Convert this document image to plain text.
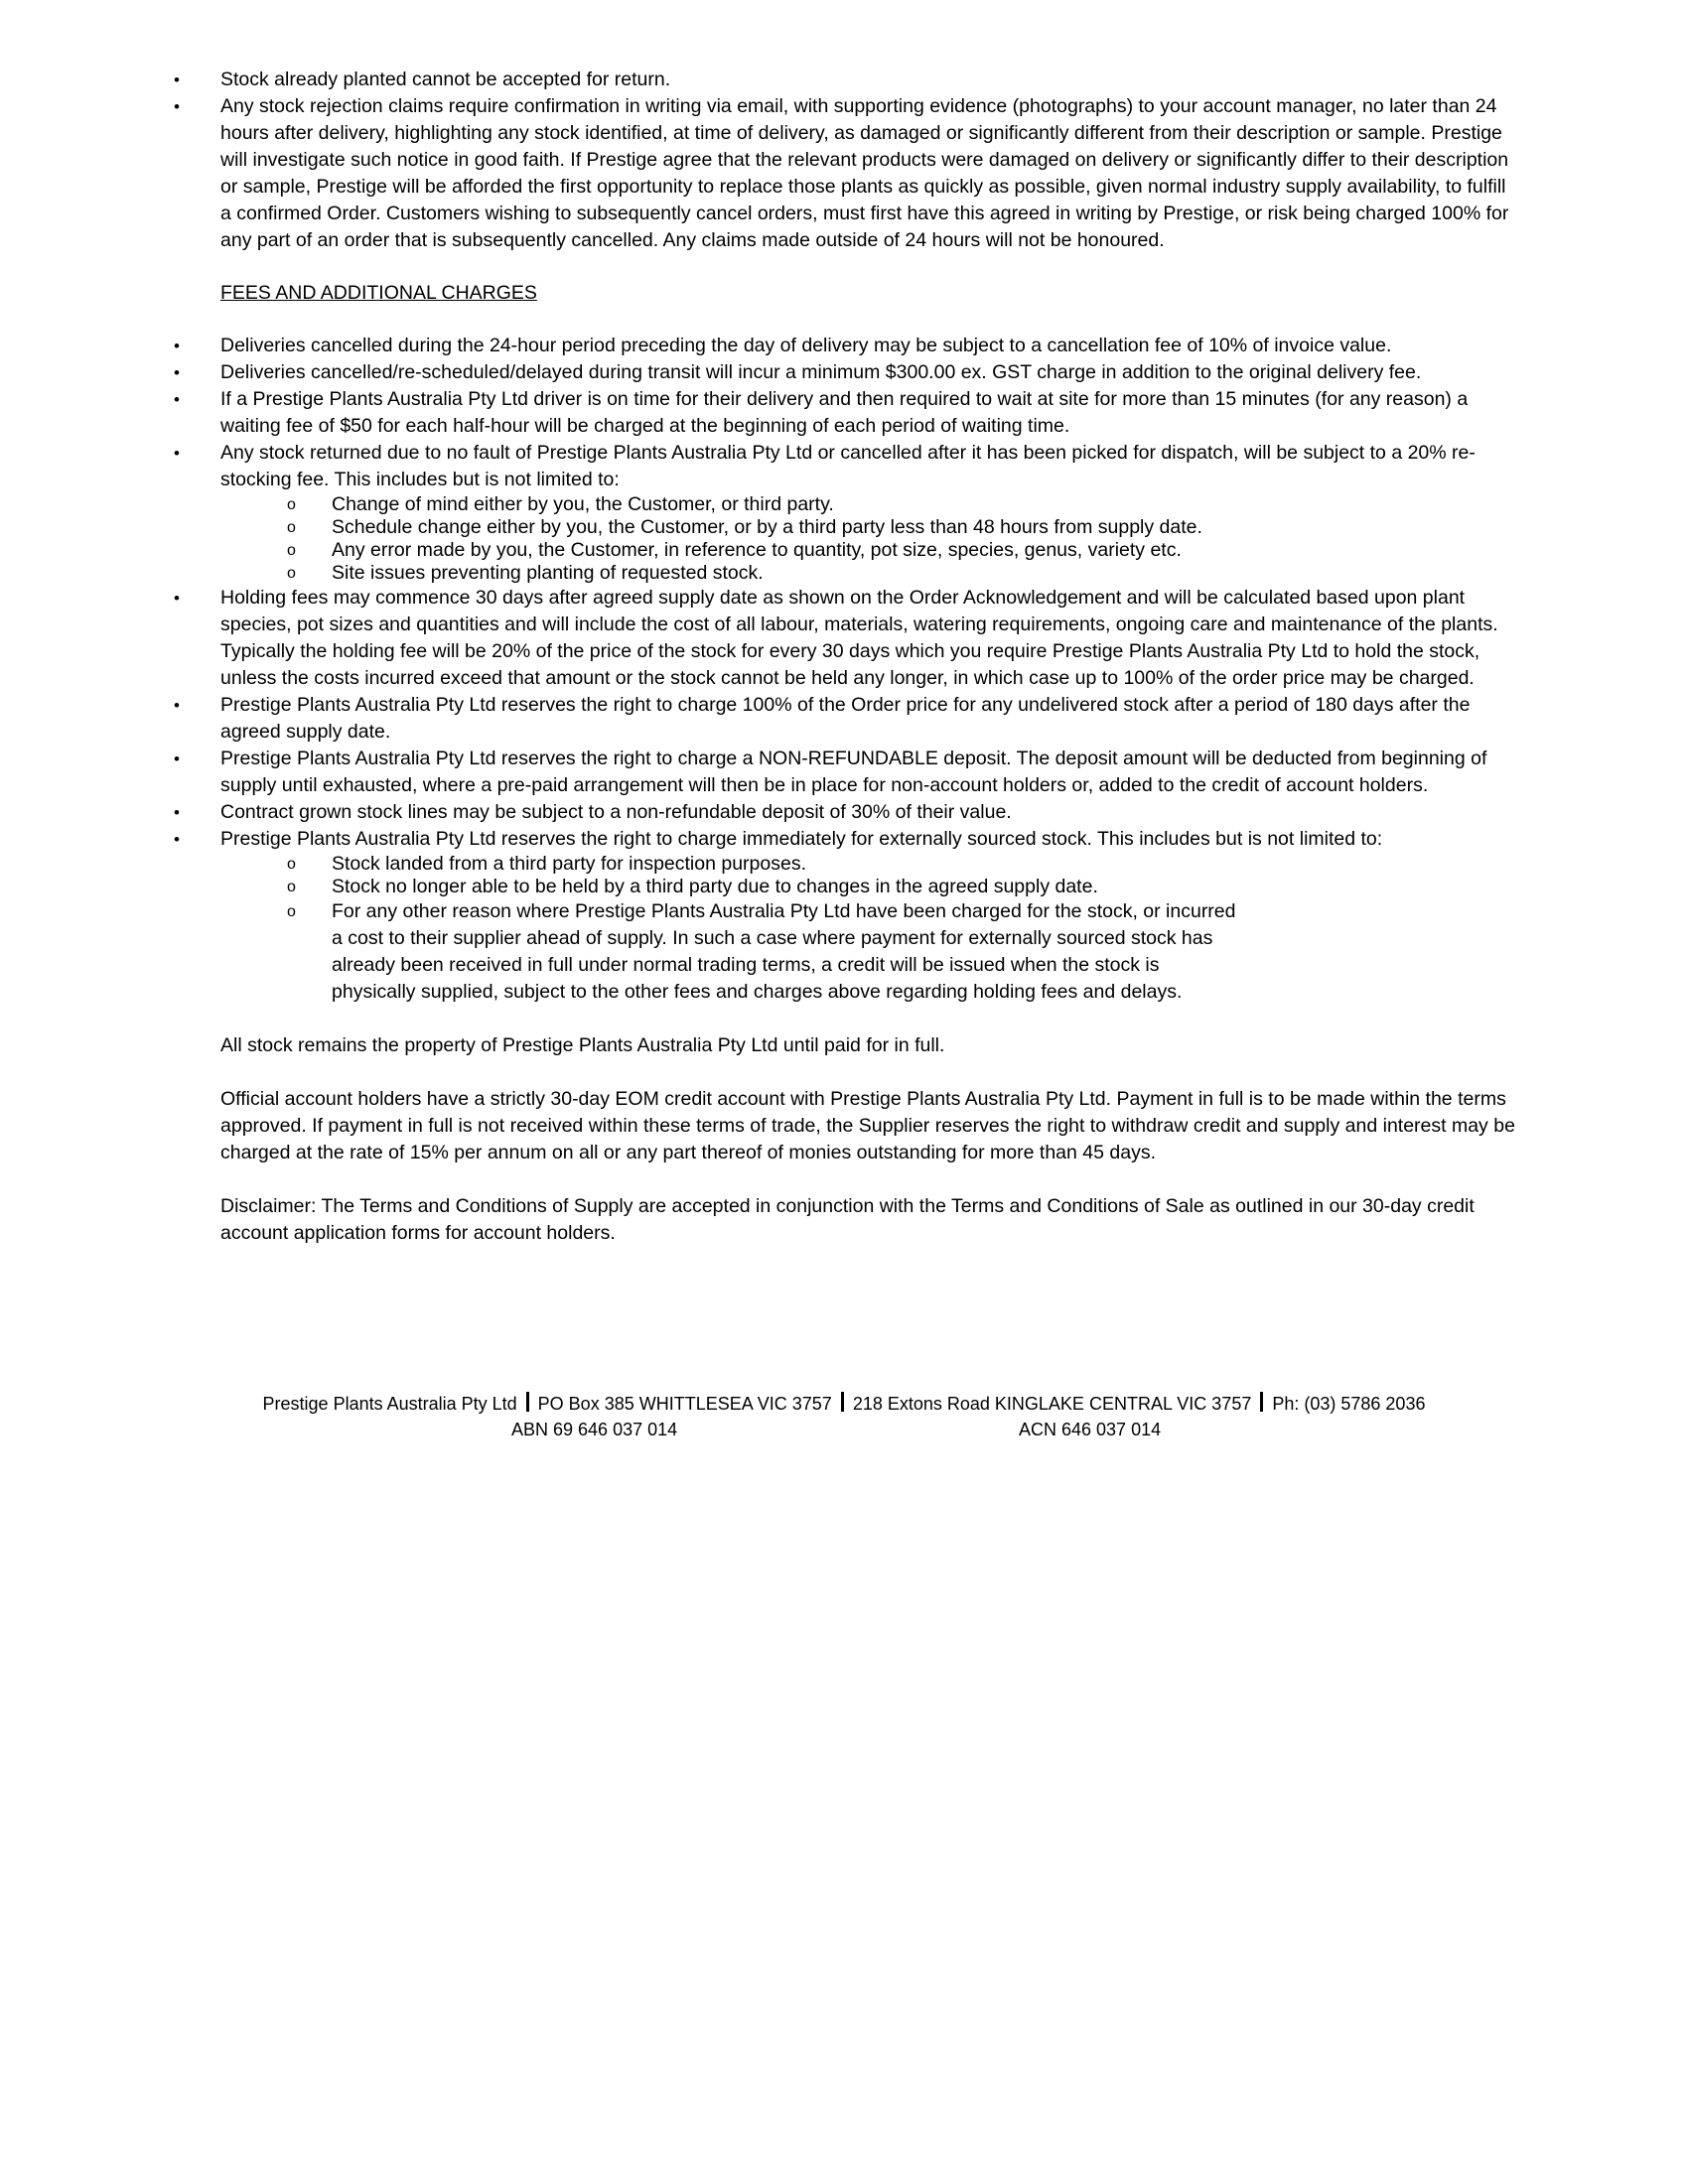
• Stock already planted cannot be accepted for return.
• Any stock rejection claims require confirmation in writing via email, with supporting evidence (photographs) to your account manager, no later than 24 hours after delivery, highlighting any stock identified, at time of delivery, as damaged or significantly different from their description or sample. Prestige will investigate such notice in good faith. If Prestige agree that the relevant products were damaged on delivery or significantly differ to their description or sample, Prestige will be afforded the first opportunity to replace those plants as quickly as possible, given normal industry supply availability, to fulfill a confirmed Order. Customers wishing to subsequently cancel orders, must first have this agreed in writing by Prestige, or risk being charged 100% for any part of an order that is subsequently cancelled. Any claims made outside of 24 hours will not be honoured.
FEES AND ADDITIONAL CHARGES
• Deliveries cancelled during the 24-hour period preceding the day of delivery may be subject to a cancellation fee of 10% of invoice value.
• Deliveries cancelled/re-scheduled/delayed during transit will incur a minimum $300.00 ex. GST charge in addition to the original delivery fee.
• If a Prestige Plants Australia Pty Ltd driver is on time for their delivery and then required to wait at site for more than 15 minutes (for any reason) a waiting fee of $50 for each half-hour will be charged at the beginning of each period of waiting time.
• Any stock returned due to no fault of Prestige Plants Australia Pty Ltd or cancelled after it has been picked for dispatch, will be subject to a 20% re-stocking fee. This includes but is not limited to:
o Change of mind either by you, the Customer, or third party.
o Schedule change either by you, the Customer, or by a third party less than 48 hours from supply date.
o Any error made by you, the Customer, in reference to quantity, pot size, species, genus, variety etc.
o Site issues preventing planting of requested stock.
• Holding fees may commence 30 days after agreed supply date as shown on the Order Acknowledgement and will be calculated based upon plant species, pot sizes and quantities and will include the cost of all labour, materials, watering requirements, ongoing care and maintenance of the plants. Typically the holding fee will be 20% of the price of the stock for every 30 days which you require Prestige Plants Australia Pty Ltd to hold the stock, unless the costs incurred exceed that amount or the stock cannot be held any longer, in which case up to 100% of the order price may be charged.
• Prestige Plants Australia Pty Ltd reserves the right to charge 100% of the Order price for any undelivered stock after a period of 180 days after the agreed supply date.
• Prestige Plants Australia Pty Ltd reserves the right to charge a NON-REFUNDABLE deposit. The deposit amount will be deducted from beginning of supply until exhausted, where a pre-paid arrangement will then be in place for non-account holders or, added to the credit of account holders.
• Contract grown stock lines may be subject to a non-refundable deposit of 30% of their value.
• Prestige Plants Australia Pty Ltd reserves the right to charge immediately for externally sourced stock. This includes but is not limited to:
o Stock landed from a third party for inspection purposes.
o Stock no longer able to be held by a third party due to changes in the agreed supply date.
o For any other reason where Prestige Plants Australia Pty Ltd have been charged for the stock, or incurred
a cost to their supplier ahead of supply. In such a case where payment for externally sourced stock has
already been received in full under normal trading terms, a credit will be issued when the stock is
physically supplied, subject to the other fees and charges above regarding holding fees and delays.
All stock remains the property of Prestige Plants Australia Pty Ltd until paid for in full.
Official account holders have a strictly 30-day EOM credit account with Prestige Plants Australia Pty Ltd. Payment in full is to be made within the terms approved. If payment in full is not received within these terms of trade, the Supplier reserves the right to withdraw credit and supply and interest may be charged at the rate of 15% per annum on all or any part thereof of monies outstanding for more than 45 days.
Disclaimer: The Terms and Conditions of Supply are accepted in conjunction with the Terms and Conditions of Sale as outlined in our 30-day credit account application forms for account holders.
Prestige Plants Australia Pty Ltd PO Box 385 WHITTLESEA VIC 3757 218 Extons Road KINGLAKE CENTRAL VIC 3757 Ph: (03) 5786 2036
ABN 69 646 037 014	ACN 646 037 014
